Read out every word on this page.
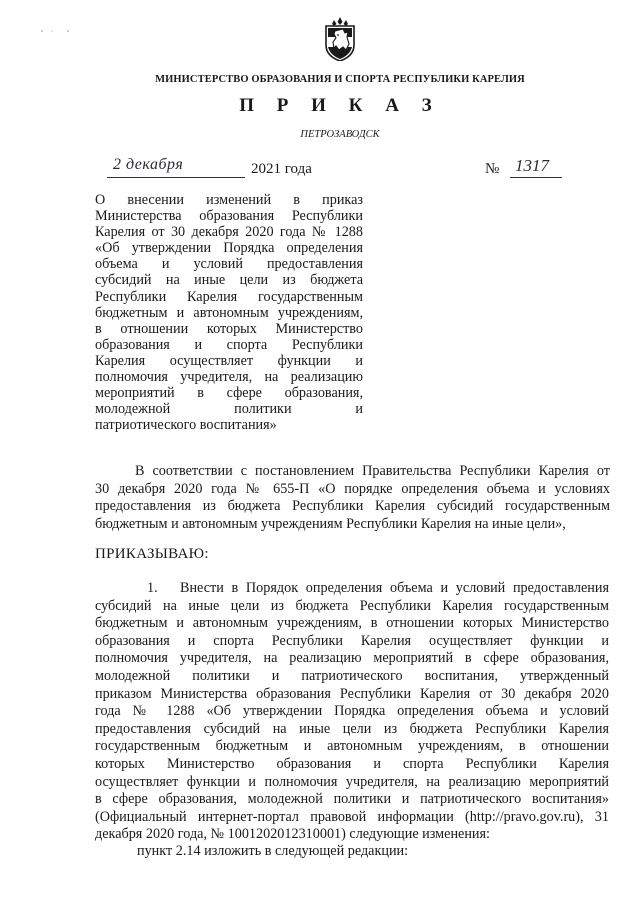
МИНИСТЕРСТВО ОБРАЗОВАНИЯ И СПОРТА РЕСПУБЛИКИ КАРЕЛИЯ
П Р И К А З
ПЕТРОЗАВОДСК
2 декабря	2021 года	№ 1317
О внесении изменений в приказ
Министерства образования Республики
Карелия от 30 декабря 2020 года № 1288
«Об утверждении Порядка определения
объема и условий предоставления
субсидий на иные цели из бюджета
Республики Карелия государственным
бюджетным и автономным учреждениям,
в отношении которых Министерство
образования и спорта Республики
Карелия осуществляет функции и
полномочия учредителя, на реализацию
мероприятий в сфере образования,
молодежной политики и
патриотического воспитания»
В соответствии с постановлением Правительства Республики Карелия от
30 декабря 2020 года № 655-П «О порядке определения объема и условиях
предоставления из бюджета Республики Карелия субсидий государственным
бюджетным и автономным учреждениям Республики Карелия на иные цели»,
ПРИКАЗЫВАЮ:
1. Внести в Порядок определения объема и условий предоставления
субсидий на иные цели из бюджета Республики Карелия государственным
бюджетным и автономным учреждениям, в отношении которых Министерство
образования и спорта Республики Карелия осуществляет функции и
полномочия учредителя, на реализацию мероприятий в сфере образования,
молодежной политики и патриотического воспитания, утвержденный
приказом Министерства образования Республики Карелия от 30 декабря 2020
года № 1288 «Об утверждении Порядка определения объема и условий
предоставления субсидий на иные цели из бюджета Республики Карелия
государственным бюджетным и автономным учреждениям, в отношении
которых Министерство образования и спорта Республики Карелия
осуществляет функции и полномочия учредителя, на реализацию мероприятий
в сфере образования, молодежной политики и патриотического воспитания»
(Официальный интернет-портал правовой информации (http://pravo.gov.ru), 31
декабря 2020 года, № 1001202012310001) следующие изменения:
пункт 2.14 изложить в следующей редакции:
